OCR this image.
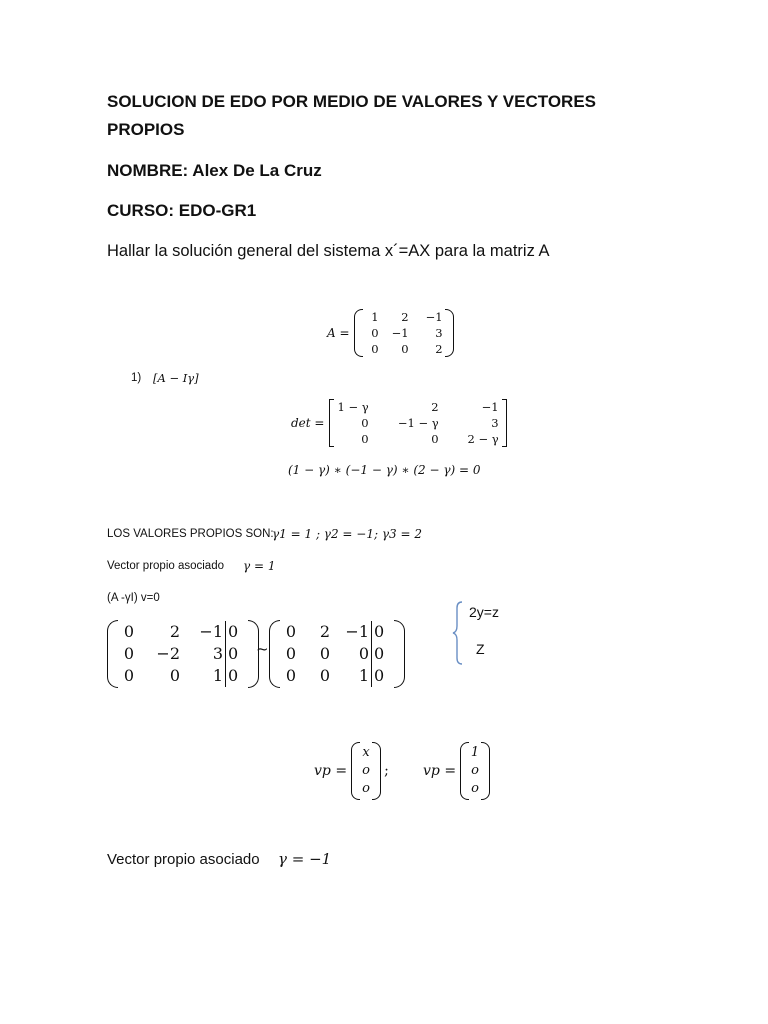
SOLUCION DE EDO POR MEDIO DE VALORES Y VECTORES
PROPIOS
NOMBRE: Alex De La Cruz
CURSO: EDO-GR1
Hallar la solución general del sistema x´=AX para la matriz A
A =
1	2	−1
0	−1	3
0	0	2
1) [A − Iγ]
det =
1 − γ	2	−1
0	−1 − γ	3
0	0	2 − γ
(1 − γ) ∗ (−1 − γ) ∗ (2 − γ) = 0
LOS VALORES PROPIOS SON:
γ1 = 1 ; γ2 = −1; γ3 = 2
Vector propio asociado γ = 1
(A -γI) v=0
0	2	−1 0
0	−2	3 0
0	0	1 0
~
0	2 −1 0
0	0	0 0
0	0	1 0
2y=z
Z
vp =
x
o
o
; vp =
1
o
o
Vector propio asociado γ = −1
